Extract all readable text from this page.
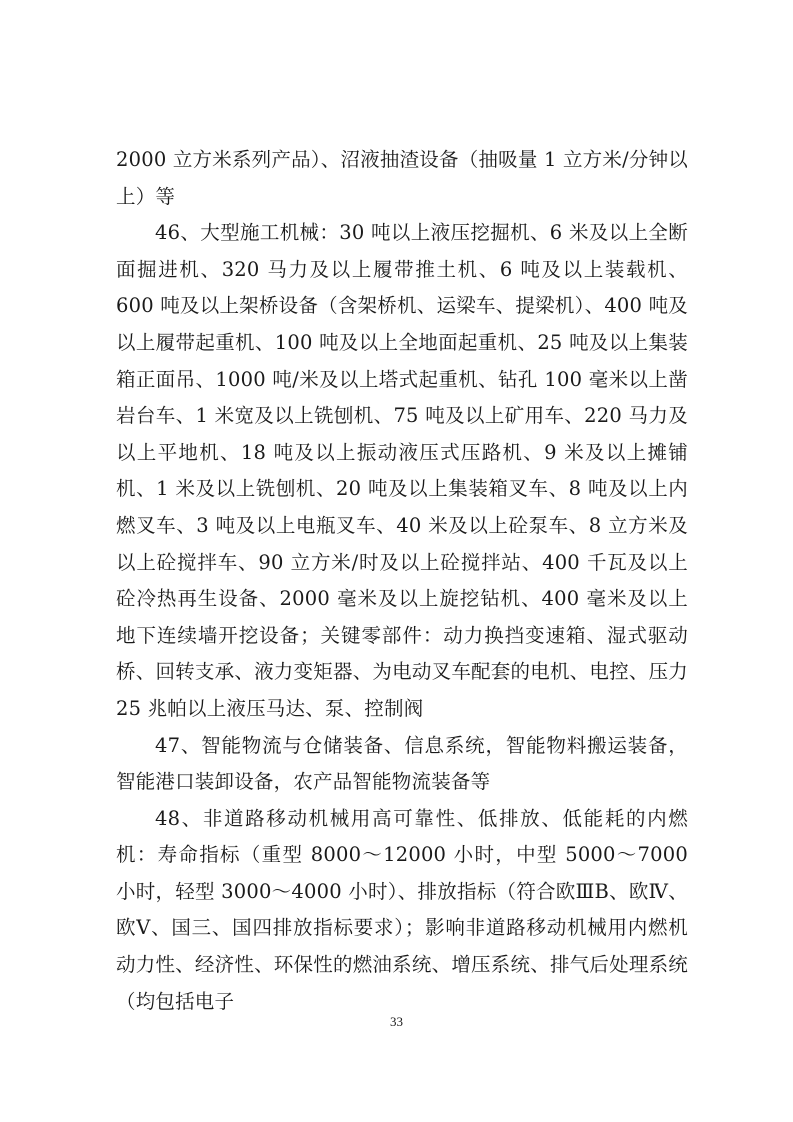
2000 立方米系列产品）、沼液抽渣设备（抽吸量 1 立方米/分钟以上）等

46、大型施工机械：30 吨以上液压挖掘机、6 米及以上全断面掘进机、320 马力及以上履带推土机、6 吨及以上装载机、600 吨及以上架桥设备（含架桥机、运梁车、提梁机）、400 吨及以上履带起重机、100 吨及以上全地面起重机、25 吨及以上集装箱正面吊、1000 吨/米及以上塔式起重机、钻孔 100 毫米以上凿岩台车、1 米宽及以上铣刨机、75 吨及以上矿用车、220 马力及以上平地机、18 吨及以上振动液压式压路机、9 米及以上摊铺机、1 米及以上铣刨机、20 吨及以上集装箱叉车、8 吨及以上内燃叉车、3 吨及以上电瓶叉车、40 米及以上砼泵车、8 立方米及以上砼搅拌车、90 立方米/时及以上砼搅拌站、400 千瓦及以上砼冷热再生设备、2000 毫米及以上旋挖钻机、400 毫米及以上地下连续墙开挖设备；关键零部件：动力换挡变速箱、湿式驱动桥、回转支承、液力变矩器、为电动叉车配套的电机、电控、压力 25 兆帕以上液压马达、泵、控制阀

47、智能物流与仓储装备、信息系统，智能物料搬运装备，智能港口装卸设备，农产品智能物流装备等

48、非道路移动机械用高可靠性、低排放、低能耗的内燃机：寿命指标（重型 8000～12000 小时，中型 5000～7000 小时，轻型 3000～4000 小时）、排放指标（符合欧ⅢB、欧Ⅳ、欧Ⅴ、国三、国四排放指标要求）；影响非道路移动机械用内燃机动力性、经济性、环保性的燃油系统、增压系统、排气后处理系统（均包括电子

33
